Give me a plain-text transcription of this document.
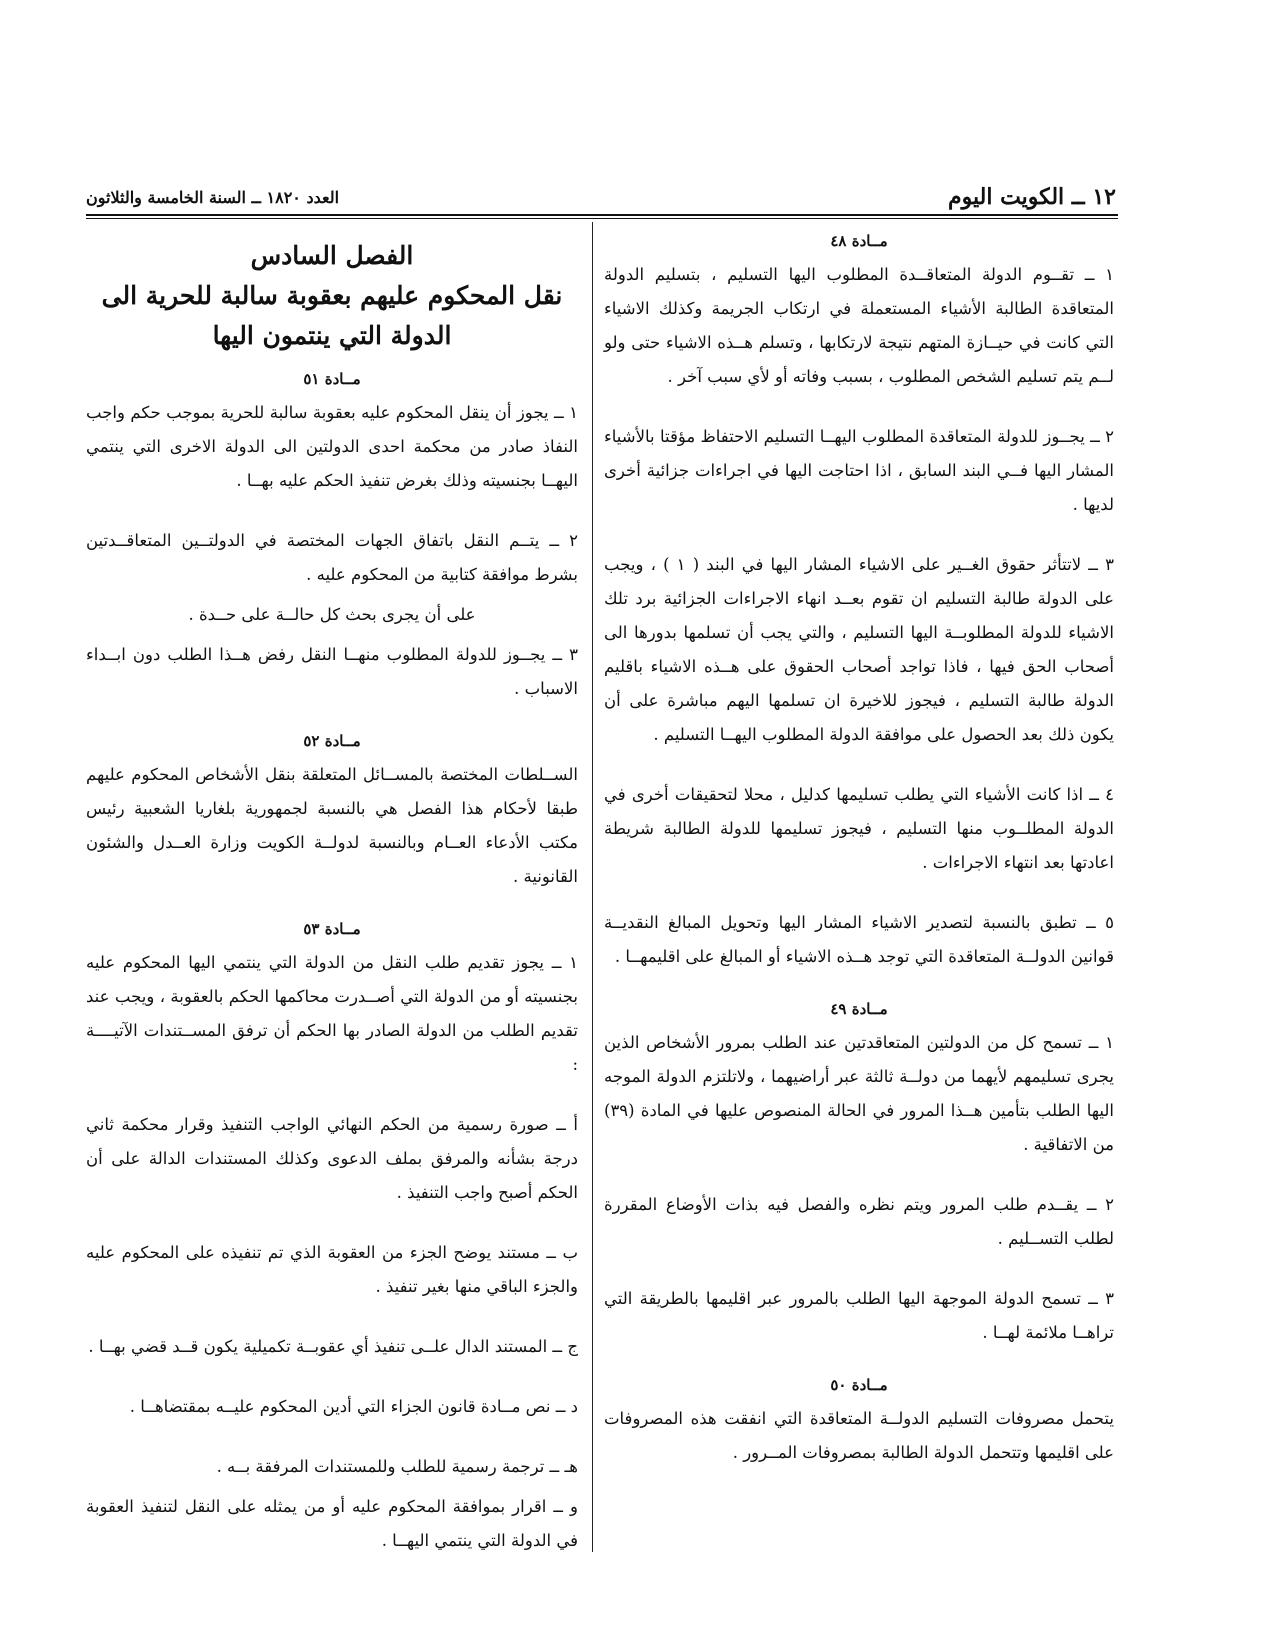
١٢ ــ الكويت اليوم
العدد ١٨٢٠ ــ السنة الخامسة والثلاثون

مــادة ٤٨

١ ــ تقــوم الدولة المتعاقــدة المطلوب اليها التسليم ، بتسليم الدولة المتعاقدة الطالبة الأشياء المستعملة في ارتكاب الجريمة وكذلك الاشياء التي كانت في حيــازة المتهم نتيجة لارتكابها ، وتسلم هــذه الاشياء حتى ولو لــم يتم تسليم الشخص المطلوب ، بسبب وفاته أو لأي سبب آخر .

٢ ــ يجــوز للدولة المتعاقدة المطلوب اليهــا التسليم الاحتفاظ مؤقتا بالأشياء المشار اليها فــي البند السابق ، اذا احتاجت اليها في اجراءات جزائية أخرى لديها .

٣ ــ لاتتأثر حقوق الغــير على الاشياء المشار اليها في البند ( ١ ) ، ويجب على الدولة طالبة التسليم ان تقوم بعــد انهاء الاجراءات الجزائية برد تلك الاشياء للدولة المطلوبــة اليها التسليم ، والتي يجب أن تسلمها بدورها الى أصحاب الحق فيها ، فاذا تواجد أصحاب الحقوق على هــذه الاشياء باقليم الدولة طالبة التسليم ، فيجوز للاخيرة ان تسلمها اليهم مباشرة على أن يكون ذلك بعد الحصول على موافقة الدولة المطلوب اليهــا التسليم .

٤ ــ اذا كانت الأشياء التي يطلب تسليمها كدليل ، محلا لتحقيقات أخرى في الدولة المطلــوب منها التسليم ، فيجوز تسليمها للدولة الطالبة شريطة اعادتها بعد انتهاء الاجراءات .

٥ ــ تطبق بالنسبة لتصدير الاشياء المشار اليها وتحويل المبالغ النقديــة قوانين الدولــة المتعاقدة التي توجد هــذه الاشياء أو المبالغ على اقليمهــا .

مــادة ٤٩

١ ــ تسمح كل من الدولتين المتعاقدتين عند الطلب بمرور الأشخاص الذين يجرى تسليمهم لأيهما من دولــة ثالثة عبر أراضيهما ، ولاتلتزم الدولة الموجه اليها الطلب بتأمين هــذا المرور في الحالة المنصوص عليها في المادة (٣٩) من الاتفاقية .

٢ ــ يقــدم طلب المرور ويتم نظره والفصل فيه بذات الأوضاع المقررة لطلب التســليم .

٣ ــ تسمح الدولة الموجهة اليها الطلب بالمرور عبر اقليمها بالطريقة التي تراهــا ملائمة لهــا .

مــادة ٥٠

يتحمل مصروفات التسليم الدولــة المتعاقدة التي انفقت هذه المصروفات على اقليمها وتتحمل الدولة الطالبة بمصروفات المــرور .

الفصل السادس

نقل المحكوم عليهم بعقوبة سالبة للحرية الى الدولة التي ينتمون اليها

مــادة ٥١

١ ــ يجوز أن ينقل المحكوم عليه بعقوبة سالبة للحرية بموجب حكم واجب النفاذ صادر من محكمة احدى الدولتين الى الدولة الاخرى التي ينتمي اليهــا بجنسيته وذلك بغرض تنفيذ الحكم عليه بهــا .

٢ ــ يتــم النقل باتفاق الجهات المختصة في الدولتــين المتعاقــدتين بشرط موافقة كتابية من المحكوم عليه .

على أن يجرى بحث كل حالــة على حــدة .

٣ ــ يجــوز للدولة المطلوب منهــا النقل رفض هــذا الطلب دون ابــداء الاسباب .

مــادة ٥٢

الســلطات المختصة بالمســائل المتعلقة بنقل الأشخاص المحكوم عليهم طبقا لأحكام هذا الفصل هي بالنسبة لجمهورية بلغاريا الشعبية رئيس مكتب الأدعاء العــام وبالنسبة لدولــة الكويت وزارة العــدل والشئون القانونية .

مــادة ٥٣

١ ــ يجوز تقديم طلب النقل من الدولة التي ينتمي اليها المحكوم عليه بجنسيته أو من الدولة التي أصــدرت محاكمها الحكم بالعقوبة ، ويجب عند تقديم الطلب من الدولة الصادر بها الحكم أن ترفق المســتندات الآتيــــة :

أ ــ صورة رسمية من الحكم النهائي الواجب التنفيذ وقرار محكمة ثاني درجة بشأنه والمرفق بملف الدعوى وكذلك المستندات الدالة على أن الحكم أصبح واجب التنفيذ .

ب ــ مستند يوضح الجزء من العقوبة الذي تم تنفيذه على المحكوم عليه والجزء الباقي منها بغير تنفيذ .

ج ــ المستند الدال علــى تنفيذ أي عقوبــة تكميلية يكون قــد قضي بهــا .

د ــ نص مــادة قانون الجزاء التي أدين المحكوم عليــه بمقتضاهــا .

هـ ــ ترجمة رسمية للطلب وللمستندات المرفقة بــه .

و ــ اقرار بموافقة المحكوم عليه أو من يمثله على النقل لتنفيذ العقوبة في الدولة التي ينتمي اليهــا .
